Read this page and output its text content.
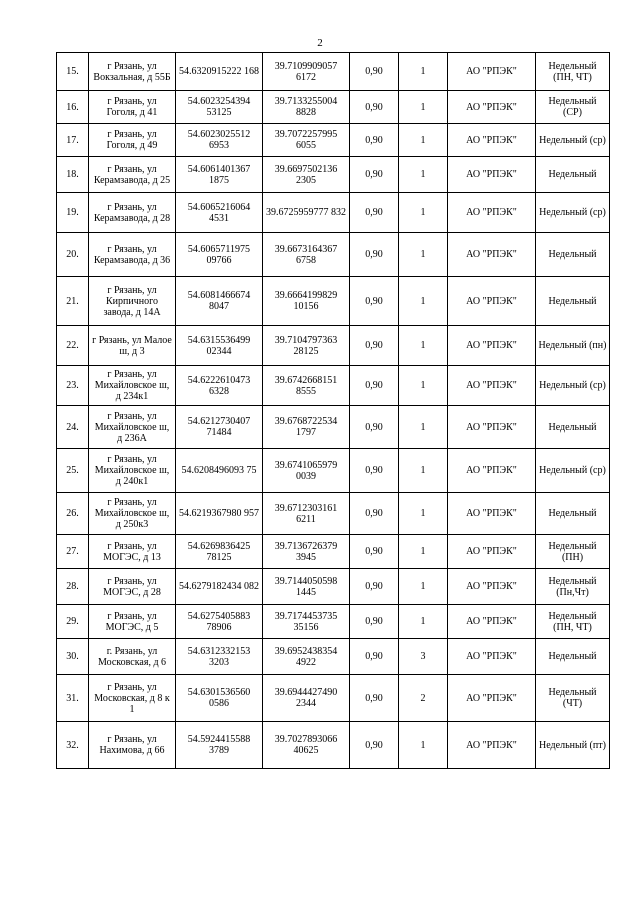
2
15.	г Рязань, ул Вокзальная, д 55Б	54.6320915222 168	39.7109909057 6172	0,90	1	АО "РПЭК"	Недельный (ПН, ЧТ)
16.	г Рязань, ул Гоголя, д 41	54.6023254394 53125	39.7133255004 8828	0,90	1	АО "РПЭК"	Недельный (СР)
17.	г Рязань, ул Гоголя, д 49	54.6023025512 6953	39.7072257995 6055	0,90	1	АО "РПЭК"	Недельный (ср)
18.	г Рязань, ул Керамзавода, д 25	54.6061401367 1875	39.6697502136 2305	0,90	1	АО "РПЭК"	Недельный
19.	г Рязань, ул Керамзавода, д 28	54.6065216064 4531	39.6725959777 832	0,90	1	АО "РПЭК"	Недельный (ср)
20.	г Рязань, ул Керамзавода, д 36	54.6065711975 09766	39.6673164367 6758	0,90	1	АО "РПЭК"	Недельный
21.	г Рязань, ул Кирпичного завода, д 14А	54.6081466674 8047	39.6664199829 10156	0,90	1	АО "РПЭК"	Недельный
22.	г Рязань, ул Малое ш, д 3	54.6315536499 02344	39.7104797363 28125	0,90	1	АО "РПЭК"	Недельный (пн)
23.	г Рязань, ул Михайловское ш, д 234к1	54.6222610473 6328	39.6742668151 8555	0,90	1	АО "РПЭК"	Недельный (ср)
24.	г Рязань, ул Михайловское ш, д 236А	54.6212730407 71484	39.6768722534 1797	0,90	1	АО "РПЭК"	Недельный
25.	г Рязань, ул Михайловское ш, д 240к1	54.6208496093 75	39.6741065979 0039	0,90	1	АО "РПЭК"	Недельный (ср)
26.	г Рязань, ул Михайловское ш, д 250к3	54.6219367980 957	39.6712303161 6211	0,90	1	АО "РПЭК"	Недельный
27.	г Рязань, ул МОГЭС, д 13	54.6269836425 78125	39.7136726379 3945	0,90	1	АО "РПЭК"	Недельный (ПН)
28.	г Рязань, ул МОГЭС, д 28	54.6279182434 082	39.7144050598 1445	0,90	1	АО "РПЭК"	Недельный (Пн,Чт)
29.	г Рязань, ул МОГЭС, д 5	54.6275405883 78906	39.7174453735 35156	0,90	1	АО "РПЭК"	Недельный (ПН, ЧТ)
30.	г. Рязань, ул Московская, д 6	54.6312332153 3203	39.6952438354 4922	0,90	3	АО "РПЭК"	Недельный
31.	г Рязань, ул Московская, д 8 к 1	54.6301536560 0586	39.6944427490 2344	0,90	2	АО "РПЭК"	Недельный (ЧТ)
32.	г Рязань, ул Нахимова, д 66	54.5924415588 3789	39.7027893066 40625	0,90	1	АО "РПЭК"	Недельный (пт)
